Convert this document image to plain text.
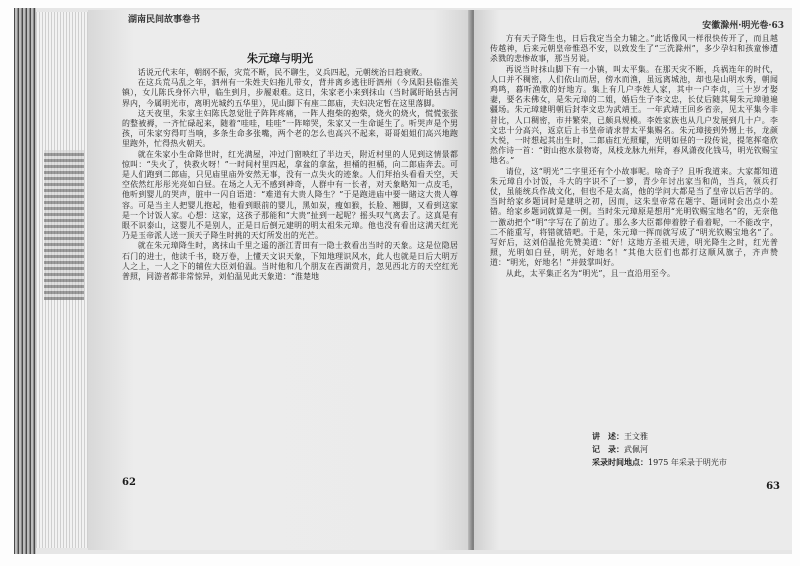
湖南民间故事卷书
朱元璋与明光

话说元代末年，朝纲不振，灾荒不断，民不聊生，义兵四起，元朝统治日趋衰败。

在这兵荒马乱之年，泗州有一朱姓夫妇拖儿带女，背井离乡逃往盱泗州（今凤阳县临淮关镇），女儿陈氏身怀六甲，临生到月，步履艰难。这日，朱家老小来到抹山（当时属盱眙县古河界内，今属明光市，离明光城约五华里），见山脚下有座二郎庙，夫妇决定暂在这里落脚。

这天夜里，朱家主妇陈氏忽觉肚子阵阵疼痛，一阵人抱柴的抱柴，烧火的烧火，慌慌张张的整被褥，一齐忙碌起来，随着“哇哇，哇哇”一阵啼哭，朱家又一生命诞生了。听哭声是个男孩，可朱家穷得叮当响，多条生命多张嘴，两个老的怎么也高兴不起来，哥哥姐姐们高兴地跑里跑外，忙得热火朝天。

就在朱家小生命降世时，红光满屋，冲过门窗映红了半边天，附近村里的人见到这情景都惊叫：“失火了，快救火呀！”一时间村里四起，拿盆的拿盆，担桶的担桶，向二郎庙奔去。可是人们跑到二郎庙，只见庙里庙外安然无事，没有一点失火的迹象。人们拜抬头看看天空，天空依然红彤彤光亮如白昼。在场之人无不感到神奇，人群中有一长者，对天象略知一点皮毛，他听到婴儿的哭声，脏中一闪自语道：“难道有大贵人降生？”于是跑进庙中要一睹这大贵人尊容。可是当主人把婴儿抱起，他看到眼前的婴儿，黑如炭，瘦如猴，长脸、翘脚，又看到这家是一个讨饭人家。心想：这家，这孩子那能和“大贵”扯到一起呢？摇头叹气离去了。这真是有眼不识泰山，这婴儿不是别人，正是日后倒元建明的明太祖朱元璋。他也没有看出这满天红光乃是玉帝派人送一顶天子降生时挑的天灯所发出的光芒。

就在朱元璋降生时，离抹山千里之遥的浙江青田有一隐士救看出当时的天象。这是位隐居石门的进士，他读千书，晓万卷，上懂天文识天象，下知地理识风水，此人也就是日后大明万人之上，一人之下的辅佐大臣刘伯温。当时他和几个朋友在西湖赏月，忽见西北方的天空红光普照，同游者都非常惊异，刘伯温见此天象道：“淮楚地

62
安徽滁州·明光卷·63

方有天子降生也，日后我定当全力辅之。”此话像风一样很快传开了，而且越传越神，后来元朝皇帝惟恐不安，以致发生了“三洗滁州”，多少孕妇和孩童惨遭杀戮的悲惨故事，那当另说。

再说当时抹山脚下有一小镇，叫太平集。在那天灾不断，兵祸连年的时代，人口并不稠密，人们依山而居，傍水而渔，虽远离城池，却也是山明水秀，朝闻鸡鸣，暮听渔歌的好地方。集上有几户李姓人家，其中一户李贞，三十岁才娶妻，要名未佛女，是朱元璋的二姐，婚后生子李文忠，长仗后随其舅朱元璋驰遍疆场。朱元璋建明朝后封李文忠为武靖王。一年武靖王回乡省亲，见太平集今非昔比，人口稠密，市井繁荣，已颇具规模。李姓家族也从几户发展到几十户。李文忠十分高兴，返京后上书皇帝请求替太平集赐名。朱元璋接到外甥上书，龙颜大悦，一时想起其出生时，二郎庙红光照耀，光明如昼的一段传说，提笔挥毫欣然作诗一首：“街山抱水景物寄，凤枝龙脉九州拜，春风潇夜化钱马，明光钦赐宝地名。”

请位，这“明光”二字里还有个小故事呢。啥奇子？且听我道来。大家都知道朱元璋自小讨饭，斗大的字识不了一箩，青少年讨出家当和尚，当兵，领兵打仗，虽能统兵作战文化，但也不是太高，他的学问大都是当了皇帝以后苦学的。当时给家乡题词时是建明之初，因而，这朱皇帝常在题字、题词时会出点小差错。给家乡题词就算是一例。当时朱元璋原是想用“光明钦赐宝地名”的，无奈他一激动把个“明”字写在了前边了。那么多大臣都伸着脖子看着呢，一不能改字，二不能重写，将错就错吧。于是，朱元璋一挥而就写成了“明光钦赐宝地名”了。写好后，这刘伯温抢先赞美道：“好！这地方圣祖天进，明光降生之时，红光普照，光明如白昼，明光，好地名！”其他大臣们也都打这顺风旗子，齐声赞道：“明光，好地名！”并鼓掌叫好。

从此，太平集正名为“明光”，且一直沿用至今。

讲　述：王文雅
记　录：武佩河
采录时间地点：1975 年采录于明光市
63
